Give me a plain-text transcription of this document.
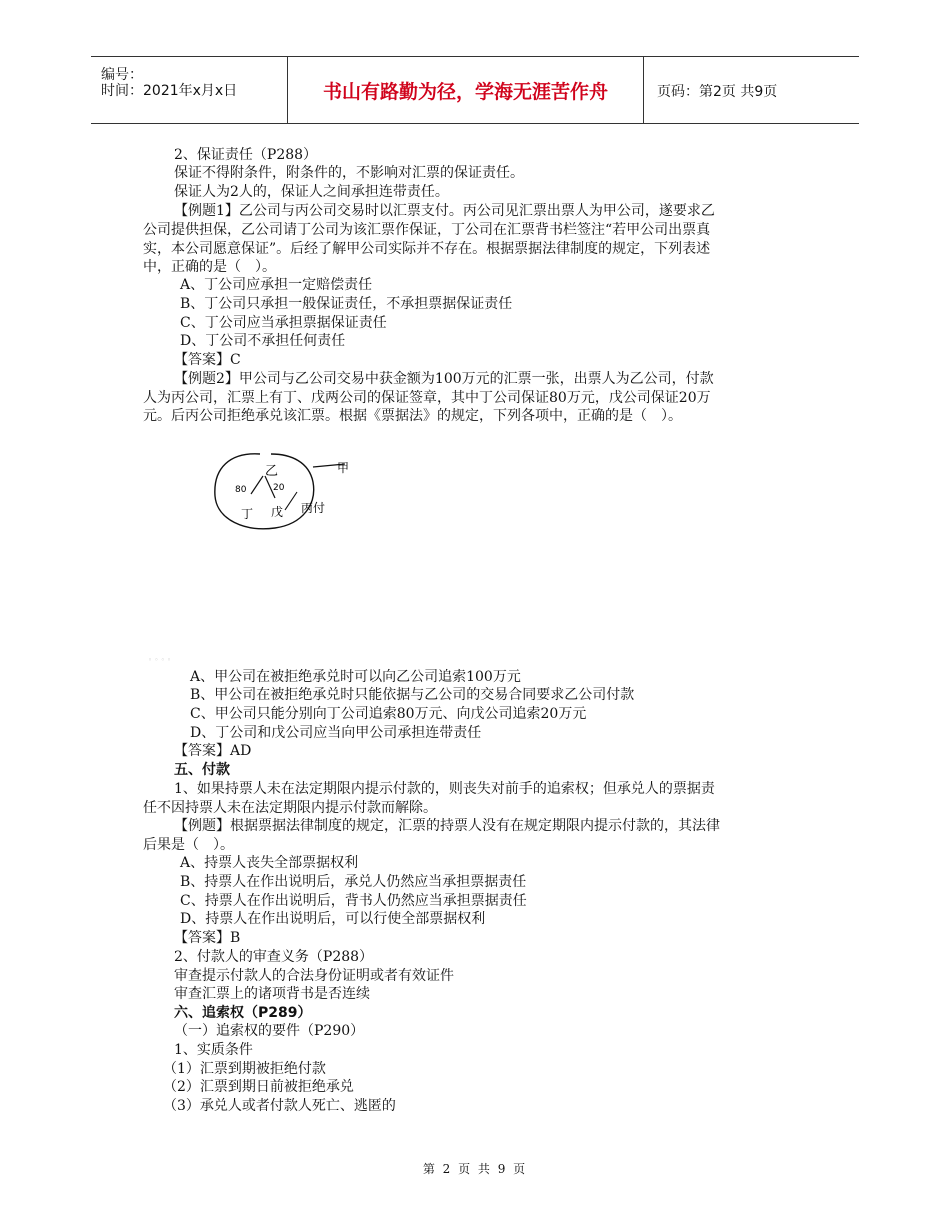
编号：
时间：2021年x月x日	书山有路勤为径，学海无涯苦作舟	页码：第2页 共9页
2、保证责任（P288）
保证不得附条件，附条件的，不影响对汇票的保证责任。
保证人为2人的，保证人之间承担连带责任。
【例题1】乙公司与丙公司交易时以汇票支付。丙公司见汇票出票人为甲公司，遂要求乙
公司提供担保，乙公司请丁公司为该汇票作保证，丁公司在汇票背书栏签注“若甲公司出票真
实，本公司愿意保证”。后经了解甲公司实际并不存在。根据票据法律制度的规定，下列表述
中，正确的是（　）。
A、丁公司应承担一定赔偿责任
B、丁公司只承担一般保证责任，不承担票据保证责任
C、丁公司应当承担票据保证责任
D、丁公司不承担任何责任
【答案】C
【例题2】甲公司与乙公司交易中获金额为100万元的汇票一张，出票人为乙公司，付款
人为丙公司，汇票上有丁、戊两公司的保证签章，其中丁公司保证80万元，戊公司保证20万
元。后丙公司拒绝承兑该汇票。根据《票据法》的规定，下列各项中，正确的是（　）。
乙	甲
80	20
丁 戊 丙付
◦ ◦ ◦ ◦
A、甲公司在被拒绝承兑时可以向乙公司追索100万元
B、甲公司在被拒绝承兑时只能依据与乙公司的交易合同要求乙公司付款
C、甲公司只能分别向丁公司追索80万元、向戊公司追索20万元
D、丁公司和戊公司应当向甲公司承担连带责任
【答案】AD
五、付款
1、如果持票人未在法定期限内提示付款的，则丧失对前手的追索权；但承兑人的票据责
任不因持票人未在法定期限内提示付款而解除。
【例题】根据票据法律制度的规定，汇票的持票人没有在规定期限内提示付款的，其法律
后果是（　）。
A、持票人丧失全部票据权利
B、持票人在作出说明后，承兑人仍然应当承担票据责任
C、持票人在作出说明后，背书人仍然应当承担票据责任
D、持票人在作出说明后，可以行使全部票据权利
【答案】B
2、付款人的审查义务（P288）
审查提示付款人的合法身份证明或者有效证件
审查汇票上的诸项背书是否连续
六、追索权（P289）
（一）追索权的要件（P290）
1、实质条件
（1）汇票到期被拒绝付款
（2）汇票到期日前被拒绝承兑
（3）承兑人或者付款人死亡、逃匿的
第 2 页 共 9 页
